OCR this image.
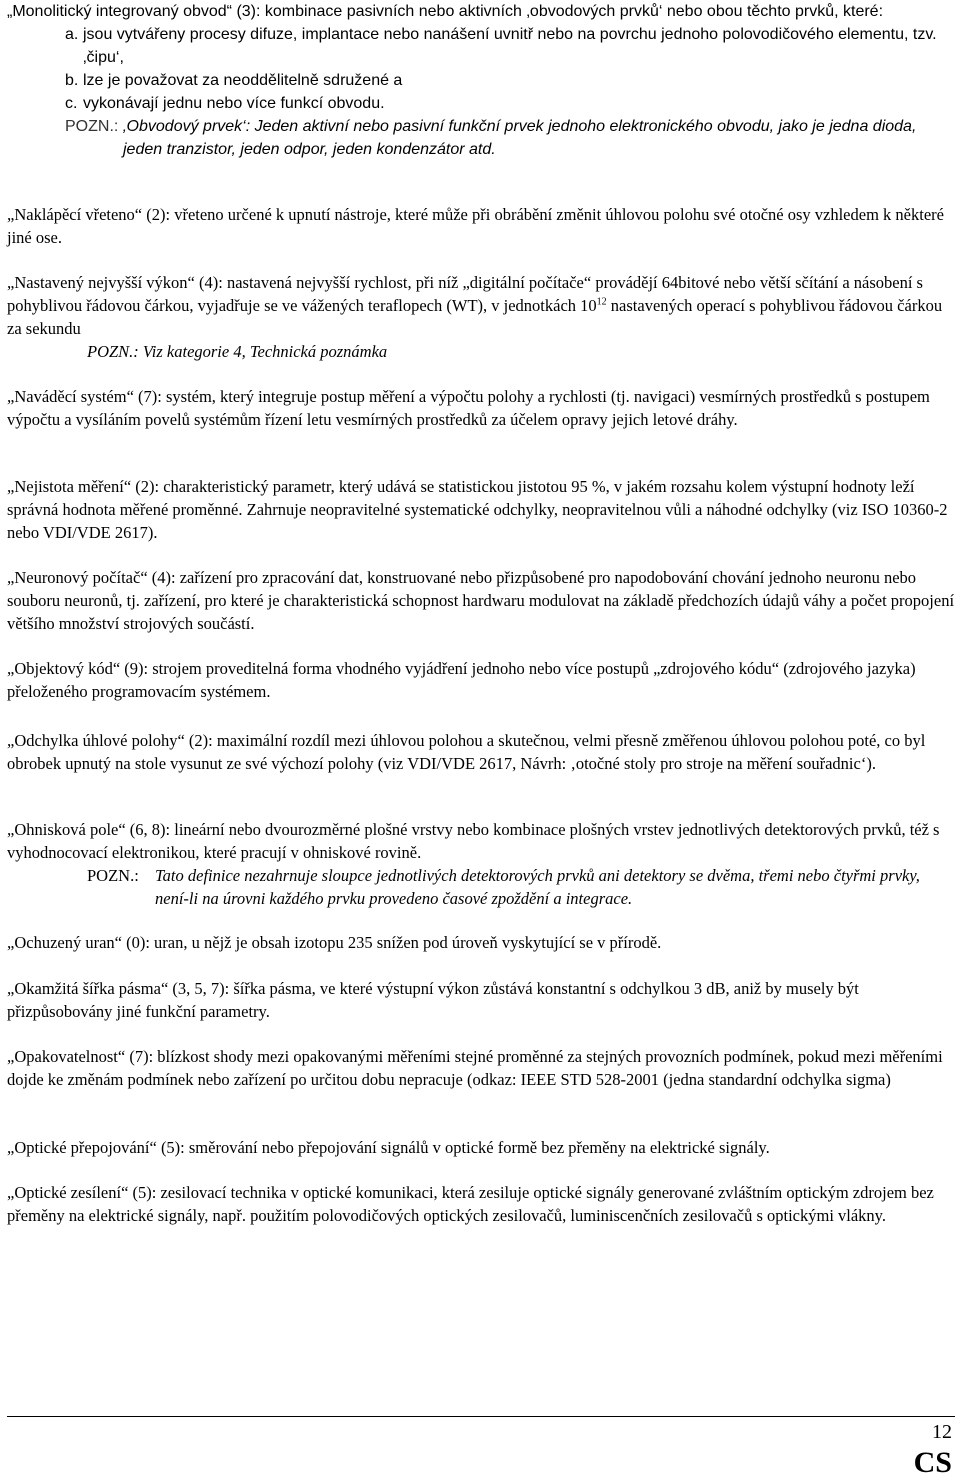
„Monolitický integrovaný obvod“ (3): kombinace pasivních nebo aktivních ‚obvodových prvků‘ nebo obou těchto prvků, které:
a. jsou vytvářeny procesy difuze, implantace nebo nanášení uvnitř nebo na povrchu jednoho polovodičového elementu, tzv. ‚čipu‘,
b. lze je považovat za neoddělitelně sdružené a
c. vykonávají jednu nebo více funkcí obvodu.
POZN.: ‚Obvodový prvek‘: Jeden aktivní nebo pasivní funkční prvek jednoho elektronického obvodu, jako je jedna dioda, jeden tranzistor, jeden odpor, jeden kondenzátor atd.

„Naklápěcí vřeteno“ (2): vřeteno určené k upnutí nástroje, které může při obrábění změnit úhlovou polohu své otočné osy vzhledem k některé jiné ose.

„Nastavený nejvyšší výkon“ (4): nastavená nejvyšší rychlost, při níž „digitální počítače“ provádějí 64bitové nebo větší sčítání a násobení s pohyblivou řádovou čárkou, vyjadřuje se ve vážených teraflopech (WT), v jednotkách $10^{12}$ nastavených operací s pohyblivou řádovou čárkou za sekundu
POZN.: Viz kategorie 4, Technická poznámka

„Naváděcí systém“ (7): systém, který integruje postup měření a výpočtu polohy a rychlosti (tj. navigaci) vesmírných prostředků s postupem výpočtu a vysíláním povelů systémům řízení letu vesmírných prostředků za účelem opravy jejich letové dráhy.

„Nejistota měření“ (2): charakteristický parametr, který udává se statistickou jistotou 95 %, v jakém rozsahu kolem výstupní hodnoty leží správná hodnota měřené proměnné. Zahrnuje neopravitelné systematické odchylky, neopravitelnou vůli a náhodné odchylky (viz ISO 10360-2 nebo VDI/VDE 2617).

„Neuronový počítač“ (4): zařízení pro zpracování dat, konstruované nebo přizpůsobené pro napodobování chování jednoho neuronu nebo souboru neuronů, tj. zařízení, pro které je charakteristická schopnost hardwaru modulovat na základě předchozích údajů váhy a počet propojení většího množství strojových součástí.

„Objektový kód“ (9): strojem proveditelná forma vhodného vyjádření jednoho nebo více postupů „zdrojového kódu“ (zdrojového jazyka) přeloženého programovacím systémem.

„Odchylka úhlové polohy“ (2): maximální rozdíl mezi úhlovou polohou a skutečnou, velmi přesně změřenou úhlovou polohou poté, co byl obrobek upnutý na stole vysunut ze své výchozí polohy (viz VDI/VDE 2617, Návrh: ‚otočné stoly pro stroje na měření souřadnic‘).

„Ohnisková pole“ (6, 8): lineární nebo dvourozměrné plošné vrstvy nebo kombinace plošných vrstev jednotlivých detektorových prvků, též s vyhodnocovací elektronikou, které pracují v ohniskové rovině.
POZN.: Tato definice nezahrnuje sloupce jednotlivých detektorových prvků ani detektory se dvěma, třemi nebo čtyřmi prvky, není-li na úrovni každého prvku provedeno časové zpoždění a integrace.

„Ochuzený uran“ (0): uran, u nějž je obsah izotopu 235 snížen pod úroveň vyskytující se v přírodě.

„Okamžitá šířka pásma“ (3, 5, 7): šířka pásma, ve které výstupní výkon zůstává konstantní s odchylkou 3 dB, aniž by musely být přizpůsobovány jiné funkční parametry.

„Opakovatelnost“ (7): blízkost shody mezi opakovanými měřeními stejné proměnné za stejných provozních podmínek, pokud mezi měřeními dojde ke změnám podmínek nebo zařízení po určitou dobu nepracuje (odkaz: IEEE STD 528-2001 (jedna standardní odchylka sigma)

„Optické přepojování“ (5): směrování nebo přepojování signálů v optické formě bez přeměny na elektrické signály.

„Optické zesílení“ (5): zesilovací technika v optické komunikaci, která zesiluje optické signály generované zvláštním optickým zdrojem bez přeměny na elektrické signály, např. použitím polovodičových optických zesilovačů, luminiscenčních zesilovačů s optickými vlákny.

12
CS
